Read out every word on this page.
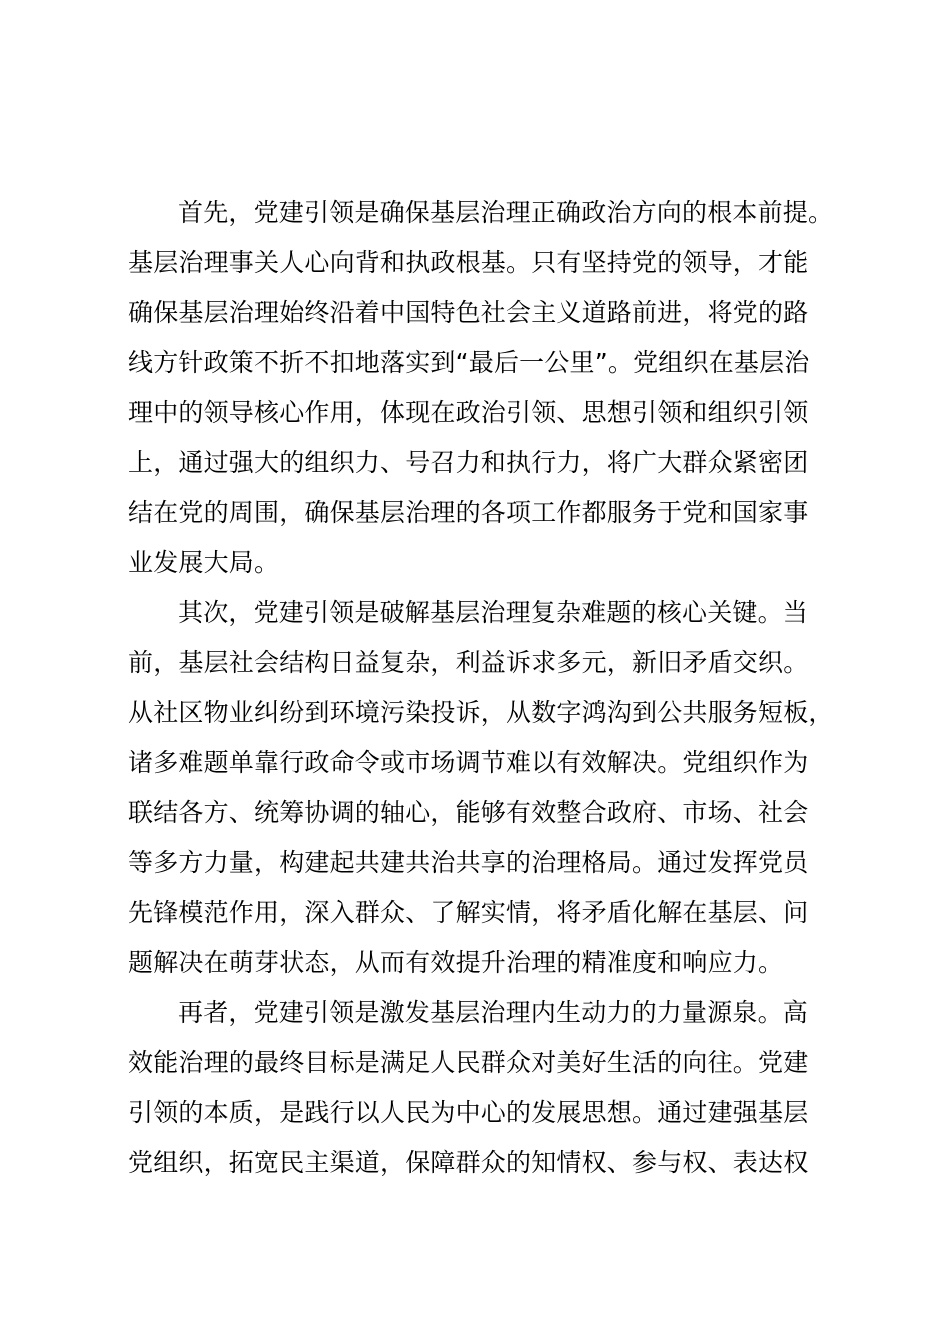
首先，党建引领是确保基层治理正确政治方向的根本前提。
基层治理事关人心向背和执政根基。只有坚持党的领导，才能
确保基层治理始终沿着中国特色社会主义道路前进，将党的路
线方针政策不折不扣地落实到“最后一公里”。党组织在基层治
理中的领导核心作用，体现在政治引领、思想引领和组织引领
上，通过强大的组织力、号召力和执行力，将广大群众紧密团
结在党的周围，确保基层治理的各项工作都服务于党和国家事
业发展大局。
其次，党建引领是破解基层治理复杂难题的核心关键。当
前，基层社会结构日益复杂，利益诉求多元，新旧矛盾交织。
从社区物业纠纷到环境污染投诉，从数字鸿沟到公共服务短板，
诸多难题单靠行政命令或市场调节难以有效解决。党组织作为
联结各方、统筹协调的轴心，能够有效整合政府、市场、社会
等多方力量，构建起共建共治共享的治理格局。通过发挥党员
先锋模范作用，深入群众、了解实情，将矛盾化解在基层、问
题解决在萌芽状态，从而有效提升治理的精准度和响应力。
再者，党建引领是激发基层治理内生动力的力量源泉。高
效能治理的最终目标是满足人民群众对美好生活的向往。党建
引领的本质，是践行以人民为中心的发展思想。通过建强基层
党组织，拓宽民主渠道，保障群众的知情权、参与权、表达权
